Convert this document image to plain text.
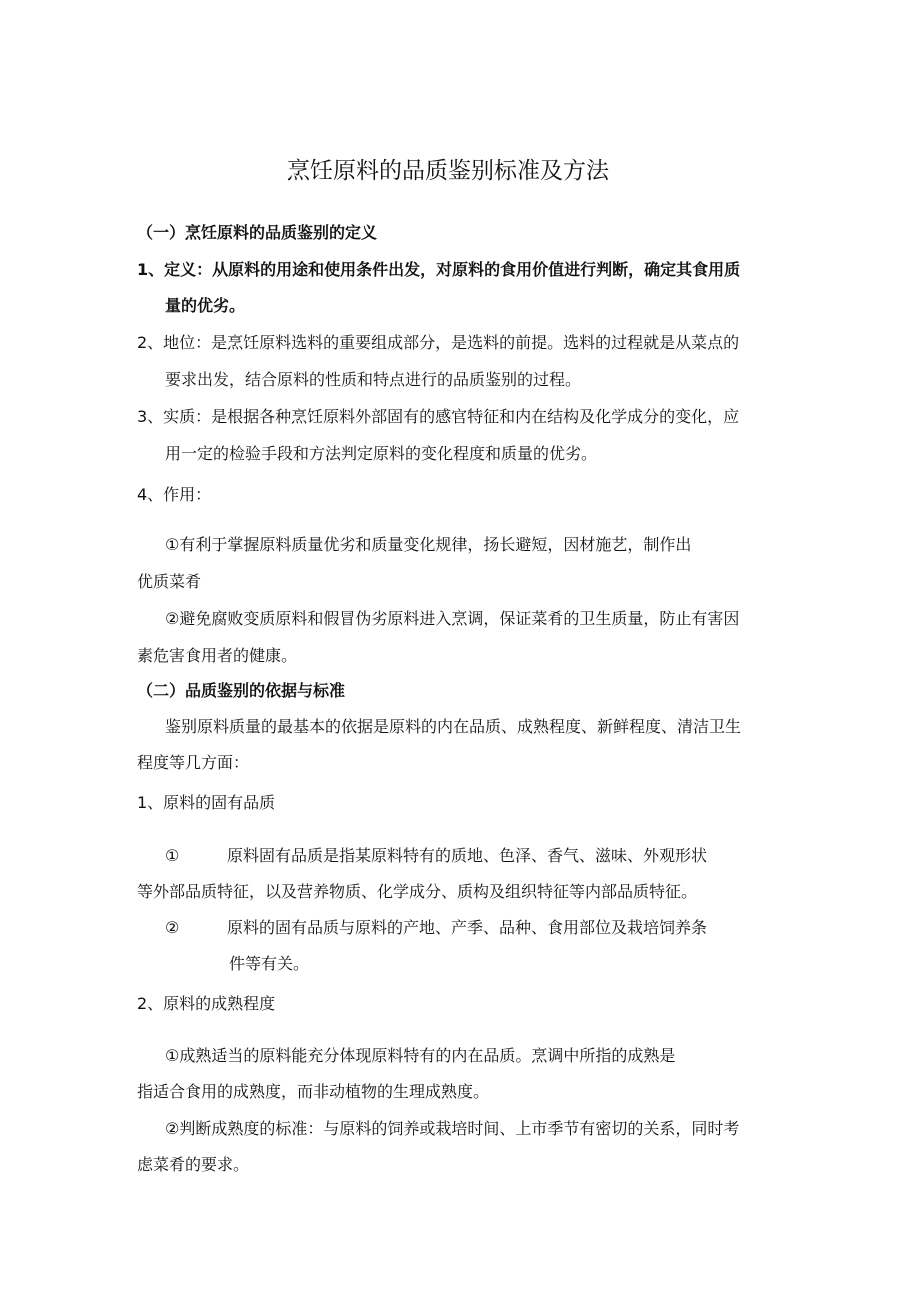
烹饪原料的品质鉴别标准及方法
（一）烹饪原料的品质鉴别的定义
1、定义：从原料的用途和使用条件出发，对原料的食用价值进行判断，确定其食用质
量的优劣。
2、地位：是烹饪原料选料的重要组成部分，是选料的前提。选料的过程就是从菜点的
要求出发，结合原料的性质和特点进行的品质鉴别的过程。
3、实质：是根据各种烹饪原料外部固有的感官特征和内在结构及化学成分的变化，应
用一定的检验手段和方法判定原料的变化程度和质量的优劣。
4、作用：
①有利于掌握原料质量优劣和质量变化规律，扬长避短，因材施艺，制作出
优质菜肴
②避免腐败变质原料和假冒伪劣原料进入烹调，保证菜肴的卫生质量，防止有害因
素危害食用者的健康。
（二）品质鉴别的依据与标准
鉴别原料质量的最基本的依据是原料的内在品质、成熟程度、新鲜程度、清洁卫生
程度等几方面：
1、原料的固有品质
①	原料固有品质是指某原料特有的质地、色泽、香气、滋味、外观形状
等外部品质特征，以及营养物质、化学成分、质构及组织特征等内部品质特征。
②	原料的固有品质与原料的产地、产季、品种、食用部位及栽培饲养条
件等有关。
2、原料的成熟程度
①成熟适当的原料能充分体现原料特有的内在品质。烹调中所指的成熟是
指适合食用的成熟度，而非动植物的生理成熟度。
②判断成熟度的标准：与原料的饲养或栽培时间、上市季节有密切的关系，同时考
虑菜肴的要求。
